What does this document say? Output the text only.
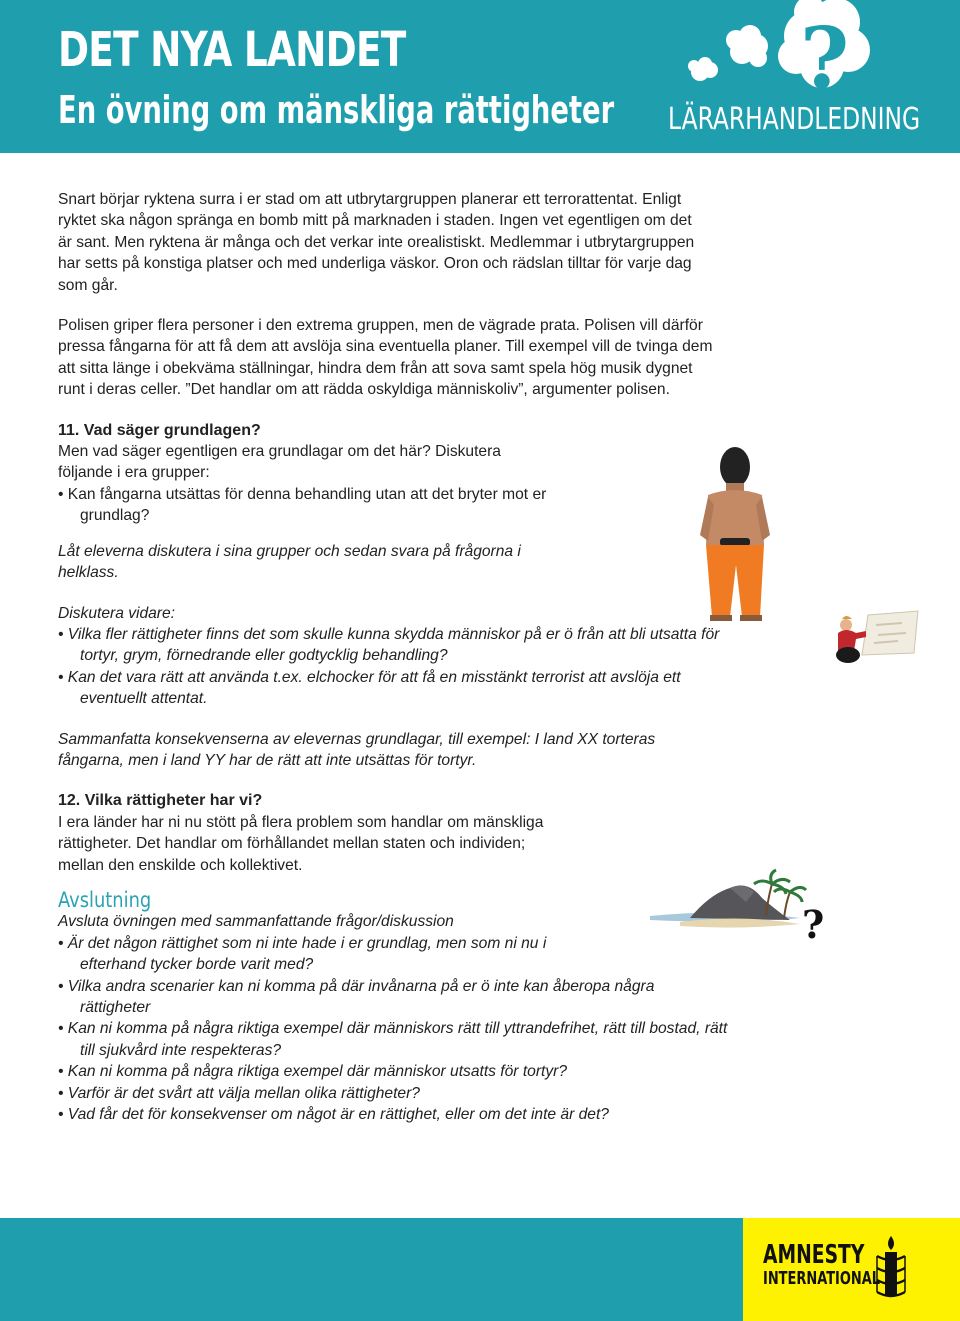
DET NYA LANDET
En övning om mänskliga rättigheter
?
LÄRARHANDLEDNING

Snart börjar ryktena surra i er stad om att utbrytargruppen planerar ett terrorattentat. Enligt ryktet ska någon spränga en bomb mitt på marknaden i staden. Ingen vet egentligen om det är sant. Men ryktena är många och det verkar inte orealistiskt. Medlemmar i utbrytargruppen har setts på konstiga platser och med underliga väskor. Oron och rädslan tilltar för varje dag som går.

Polisen griper flera personer i den extrema gruppen, men de vägrade prata. Polisen vill därför pressa fångarna för att få dem att avslöja sina eventuella planer. Till exempel vill de tvinga dem att sitta länge i obekväma ställningar, hindra dem från att sova samt spela hög musik dygnet runt i deras celler. ”Det handlar om att rädda oskyldiga människoliv”, argumenter polisen.

11. Vad säger grundlagen?

Men vad säger egentligen era grundlagar om det här? Diskutera följande i era grupper:

• Kan fångarna utsättas för denna behandling utan att det bryter mot er grundlag?

Låt eleverna diskutera i sina grupper och sedan svara på frågorna i helklass.

Diskutera vidare:

• Vilka fler rättigheter finns det som skulle kunna skydda människor på er ö från att bli utsatta för tortyr, grym, förnedrande eller godtycklig behandling?

• Kan det vara rätt att använda t.ex. elchocker för att få en misstänkt terrorist att avslöja ett eventuellt attentat.

Sammanfatta konsekvenserna av elevernas grundlagar, till exempel: I land XX torteras fångarna, men i land YY har de rätt att inte utsättas för tortyr.

12. Vilka rättigheter har vi?

I era länder har ni nu stött på flera problem som handlar om mänskliga rättigheter. Det handlar om förhållandet mellan staten och individen; mellan den enskilde och kollektivet.

Avslutning

Avsluta övningen med sammanfattande frågor/diskussion

• Är det någon rättighet som ni inte hade i er grundlag, men som ni nu i efterhand tycker borde varit med?

• Vilka andra scenarier kan ni komma på där invånarna på er ö inte kan åberopa några rättigheter

• Kan ni komma på några riktiga exempel där människors rätt till yttrandefrihet, rätt till bostad, rätt till sjukvård inte respekteras?

• Kan ni komma på några riktiga exempel där människor utsatts för tortyr?

• Varför är det svårt att välja mellan olika rättigheter?

• Vad får det för konsekvenser om något är en rättighet, eller om det inte är det?

?
AMNESTY
INTERNATIONAL
